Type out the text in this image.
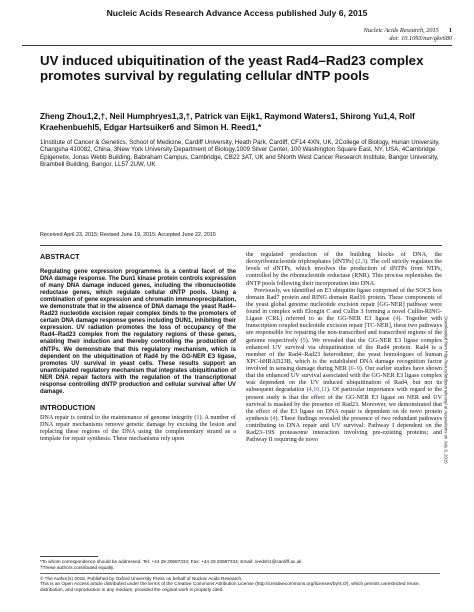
Nucleic Acids Research Advance Access published July 6, 2015
Nucleic Acids Research, 2015 1
doi: 10.1093/nar/gkv680
UV induced ubiquitination of the yeast Rad4–Rad23 complex promotes survival by regulating cellular dNTP pools
Zheng Zhou1,2,†, Neil Humphryes1,3,†, Patrick van Eijk1, Raymond Waters1, Shirong Yu1,4, Rolf Kraehenbuehl5, Edgar Hartsuiker6 and Simon H. Reed1,*
1Institute of Cancer & Genetics, School of Medicine, Cardiff University, Heath Park, Cardiff, CF14 4XN, UK, 2College of Biology, Hunan University, Changsha 410082, China, 3New York University Department of Biology,1009 Silver Center, 100 Washington Square East, NY, USA, 4Cambridge Epigenetix, Jonas Webb Building, Babraham Campus, Cambridge, CB22 3AT, UK and 5North West Cancer Research Institute, Bangor University, Brambell Building, Bangor, LL57 2UW, UK
Received April 23, 2015; Revised June 19, 2015; Accepted June 22, 2015
ABSTRACT

Regulating gene expression programmes is a central facet of the DNA damage response. The Dun1 kinase protein controls expression of many DNA damage induced genes, including the ribonucleotide reductase genes, which regulate cellular dNTP pools. Using a combination of gene expression and chromatin immunoprecipitation, we demonstrate that in the absence of DNA damage the yeast Rad4–Rad23 nucleotide excision repair complex binds to the promoters of certain DNA damage response genes including DUN1, inhibiting their expression. UV radiation promotes the loss of occupancy of the Rad4–Rad23 complex from the regulatory regions of these genes, enabling their induction and thereby controlling the production of dNTPs. We demonstrate that this regulatory mechanism, which is dependent on the ubiquitination of Rad4 by the GG-NER E3 ligase, promotes UV survival in yeast cells. These results support an unanticipated regulatory mechanism that integrates ubiquitination of NER DNA repair factors with the regulation of the transcriptional response controlling dNTP production and cellular survival after UV damage.

INTRODUCTION

DNA repair is central to the maintenance of genome integrity (1). A number of DNA repair mechanisms remove genetic damage by excising the lesion and replacing these regions of the DNA using the complementary strand as a template for repair synthesis. These mechanisms rely upon

the regulated production of the building blocks of DNA, the deoxyribonucleotide triphosphates [dNTPs] (2,3). The cell strictly regulates the levels of dNTPs, which involves the production of dNTPs from NTPs, controlled by the ribonucleotide reductase (RNR). This process replenishes the dNTP pools following their incorporation into DNA.

Previously, we identified an E3 ubiquitin ligase comprised of the SOCS box domain Rad7 protein and RING domain Rad16 protein. These components of the yeast global genome nucleotide excision repair [GG-NER] pathway were found in complex with Elongin C and Cullin 3 forming a novel Cullin-RING-Ligase (CRL) referred to as the GG-NER E3 ligase (4). Together with transcription coupled nucleotide excision repair [TC-NER], these two pathways are responsible for repairing the non-transcribed and transcribed regions of the genome respectively (5). We revealed that the GG-NER E3 ligase complex enhanced UV survival via ubiquitination of the Rad4 protein. Rad4 is a member of the Rad4–Rad23 heterodimer, the yeast homologues of human XPC-hHRAD23B, which is the established DNA damage recognition factor involved in sensing damage during NER (6–9). Our earlier studies have shown that the enhanced UV survival associated with the GG-NER E3 ligase complex was dependent on the UV induced ubiquitination of Rad4, but not its subsequent degradation (4,10,11). Of particular importance with regard to the present study is that the effect of the GG-NER E3 ligase on NER and UV survival is masked by the presence of Rad23. Moreover, we demonstrated that the effect of the E3 ligase on DNA repair is dependent on de novo protein synthesis (4). These findings revealed the presence of two redundant pathways contributing to DNA repair and UV survival: Pathway I dependent on the Rad23–19S proteasome interaction involving pre-existing proteins; and Pathway II requiring de novo

*To whom correspondence should be addressed. Tel: +44 29 20687334; Fax: +44 29 20687334; Email: reedsh1@cardiff.ac.uk
†These authors contributed equally.
© The Author(s) 2015. Published by Oxford University Press on behalf of Nucleic Acids Research.
This is an Open Access article distributed under the terms of the Creative Commons Attribution License (http://creativecommons.org/licenses/by/4.0/), which permits unrestricted reuse, distribution, and reproduction in any medium, provided the original work is properly cited.
Downloaded from http://nar.oxfordjournals.org/ at Acquisitions on July 8, 2015
